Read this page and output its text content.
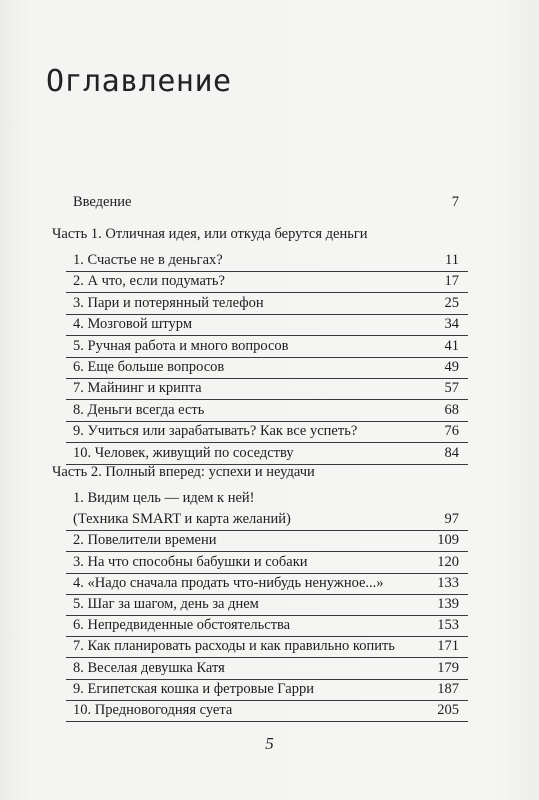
Оглавление
Введение	7
Часть 1. Отличная идея, или откуда берутся деньги
1. Счастье не в деньгах?	11
2. А что, если подумать?	17
3. Пари и потерянный телефон	25
4. Мозговой штурм	34
5. Ручная работа и много вопросов	41
6. Еще больше вопросов	49
7. Майнинг и крипта	57
8. Деньги всегда есть	68
9. Учиться или зарабатывать? Как все успеть?	76
10. Человек, живущий по соседству	84
Часть 2. Полный вперед: успехи и неудачи
1. Видим цель — идем к ней!
(Техника SMART и карта желаний)	97
2. Повелители времени	109
3. На что способны бабушки и собаки	120
4. «Надо сначала продать что-нибудь ненужное...»	133
5. Шаг за шагом, день за днем	139
6. Непредвиденные обстоятельства	153
7. Как планировать расходы и как правильно копить	171
8. Веселая девушка Катя	179
9. Египетская кошка и фетровые Гарри	187
10. Предновогодняя суета	205
5
